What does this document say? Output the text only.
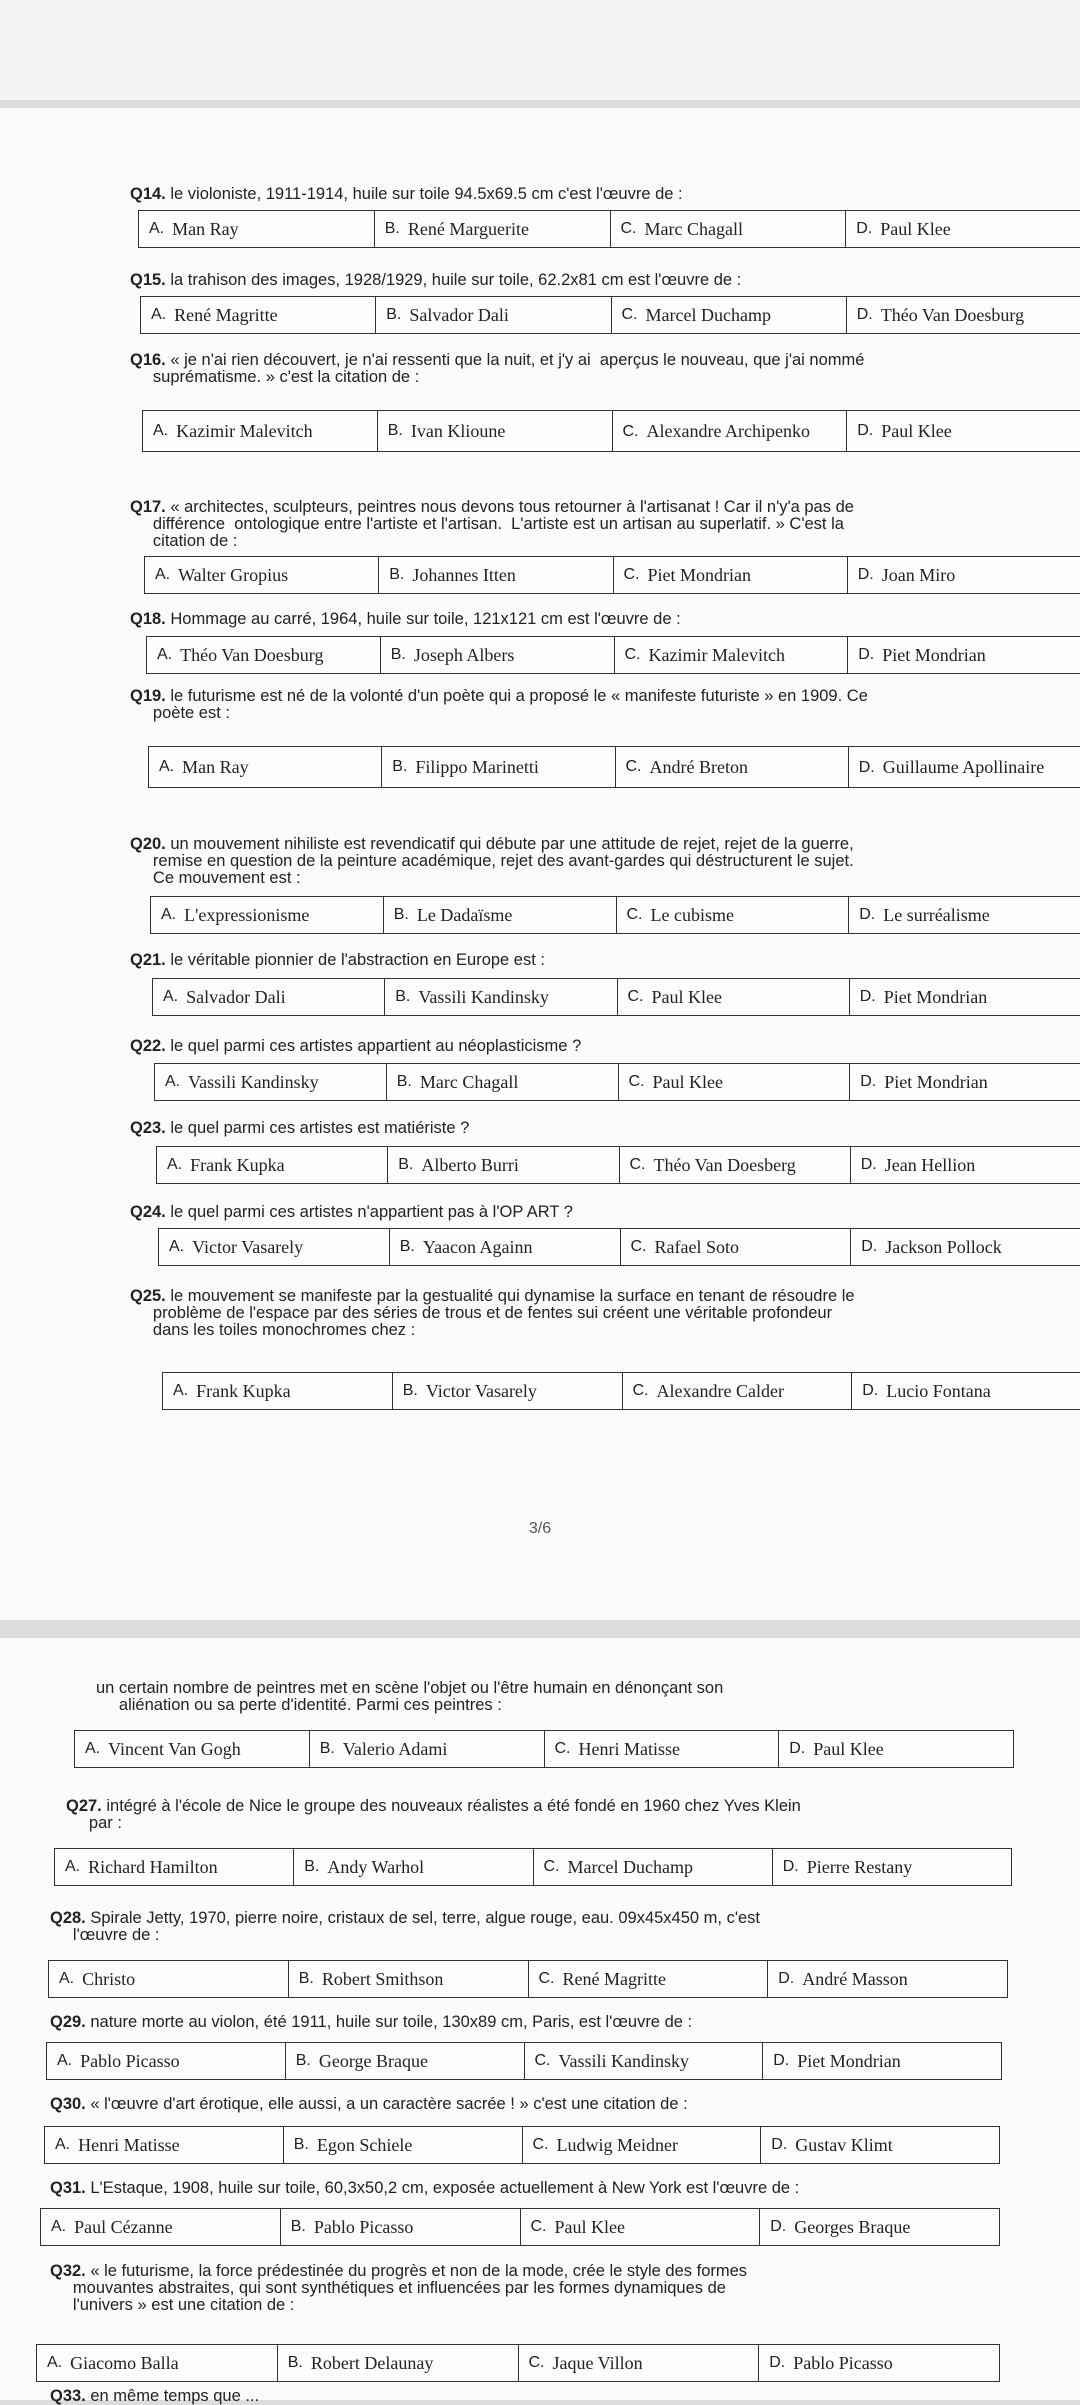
Q14. le violoniste, 1911-1914, huile sur toile 94.5x69.5 cm c'est l'œuvre de :
A. Man Ray	B. René Marguerite	C. Marc Chagall	D. Paul Klee
Q15. la trahison des images, 1928/1929, huile sur toile, 62.2x81 cm est l'œuvre de :
A. René Magritte	B. Salvador Dali	C. Marcel Duchamp	D. Théo Van Doesburg
Q16. « je n'ai rien découvert, je n'ai ressenti que la nuit, et j'y ai  aperçus le nouveau, que j'ai nommé
suprématisme. » c'est la citation de :
A. Kazimir Malevitch	B. Ivan Klioune	C. Alexandre Archipenko	D. Paul Klee
Q17. « architectes, sculpteurs, peintres nous devons tous retourner à l'artisanat ! Car il n'y'a pas de
différence  ontologique entre l'artiste et l'artisan.  L'artiste est un artisan au superlatif. » C'est la
citation de :
A. Walter Gropius	B. Johannes Itten	C. Piet Mondrian	D. Joan Miro
Q18. Hommage au carré, 1964, huile sur toile, 121x121 cm est l'œuvre de :
A. Théo Van Doesburg	B. Joseph Albers	C. Kazimir Malevitch	D. Piet Mondrian
Q19. le futurisme est né de la volonté d'un poète qui a proposé le « manifeste futuriste » en 1909. Ce
poète est :
A. Man Ray	B. Filippo Marinetti	C. André Breton	D. Guillaume Apollinaire
Q20. un mouvement nihiliste est revendicatif qui débute par une attitude de rejet, rejet de la guerre,
remise en question de la peinture académique, rejet des avant-gardes qui déstructurent le sujet.
Ce mouvement est :
A. L'expressionisme	B. Le Dadaïsme	C. Le cubisme	D. Le surréalisme
Q21. le véritable pionnier de l'abstraction en Europe est :
A. Salvador Dali	B. Vassili Kandinsky	C. Paul Klee	D. Piet Mondrian
Q22. le quel parmi ces artistes appartient au néoplasticisme ?
A. Vassili Kandinsky	B. Marc Chagall	C. Paul Klee	D. Piet Mondrian
Q23. le quel parmi ces artistes est matiériste ?
A. Frank Kupka	B. Alberto Burri	C. Théo Van Doesberg	D. Jean Hellion
Q24. le quel parmi ces artistes n'appartient pas à l'OP ART ?
A. Victor Vasarely	B. Yaacon Againn	C. Rafael Soto	D. Jackson Pollock
Q25. le mouvement se manifeste par la gestualité qui dynamise la surface en tenant de résoudre le
problème de l'espace par des séries de trous et de fentes sui créent une véritable profondeur
dans les toiles monochromes chez :
A. Frank Kupka	B. Victor Vasarely	C. Alexandre Calder	D. Lucio Fontana
3/6
un certain nombre de peintres met en scène l'objet ou l'être humain en dénonçant son
aliénation ou sa perte d'identité. Parmi ces peintres :
A. Vincent Van Gogh	B. Valerio Adami	C. Henri Matisse	D. Paul Klee
Q27. intégré à l'école de Nice le groupe des nouveaux réalistes a été fondé en 1960 chez Yves Klein
par :
A. Richard Hamilton	B. Andy Warhol	C. Marcel Duchamp	D. Pierre Restany
Q28. Spirale Jetty, 1970, pierre noire, cristaux de sel, terre, algue rouge, eau. 09x45x450 m, c'est
l'œuvre de :
A. Christo	B. Robert Smithson	C. René Magritte	D. André Masson
Q29. nature morte au violon, été 1911, huile sur toile, 130x89 cm, Paris, est l'œuvre de :
A. Pablo Picasso	B. George Braque	C. Vassili Kandinsky	D. Piet Mondrian
Q30. « l'œuvre d'art érotique, elle aussi, a un caractère sacrée ! » c'est une citation de :
A. Henri Matisse	B. Egon Schiele	C. Ludwig Meidner	D. Gustav Klimt
Q31. L'Estaque, 1908, huile sur toile, 60,3x50,2 cm, exposée actuellement à New York est l'œuvre de :
A. Paul Cézanne	B. Pablo Picasso	C. Paul Klee	D. Georges Braque
Q32. « le futurisme, la force prédestinée du progrès et non de la mode, crée le style des formes
mouvantes abstraites, qui sont synthétiques et influencées par les formes dynamiques de
l'univers » est une citation de :
A. Giacomo Balla	B. Robert Delaunay	C. Jaque Villon	D. Pablo Picasso
Q33. en même temps que ...
